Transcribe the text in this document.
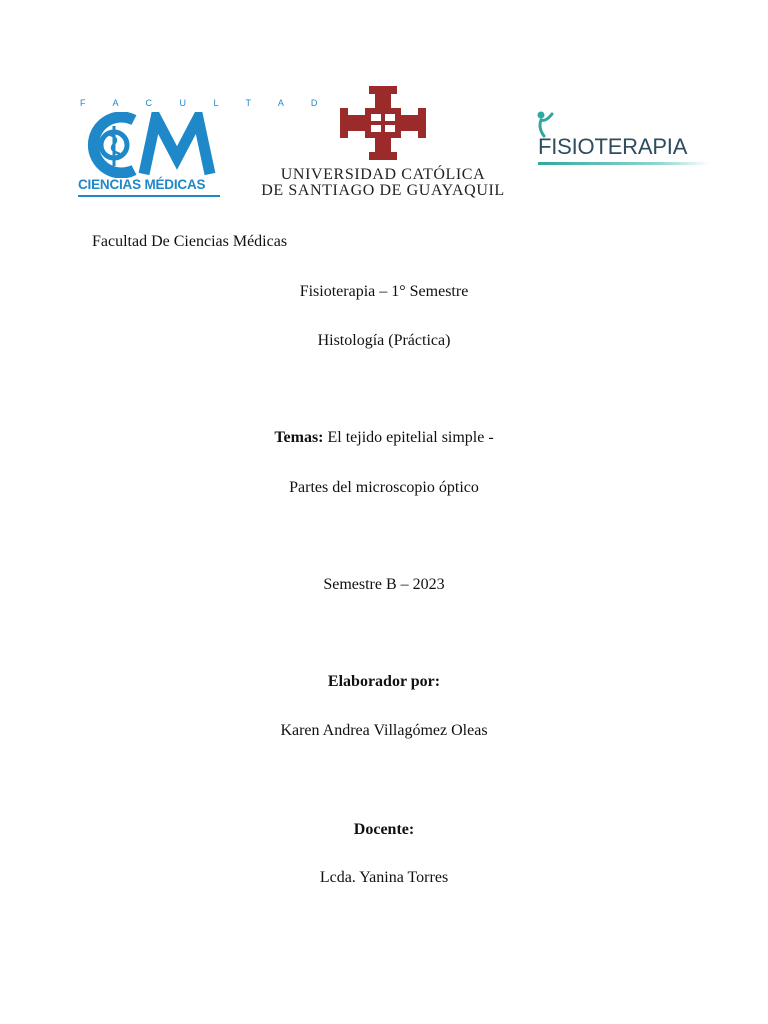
F A C U L T A D
CIENCIAS MÉDICAS
UNIVERSIDAD CATÓLICA
DE SANTIAGO DE GUAYAQUIL
FISIOTERAPIA
Facultad De Ciencias Médicas
Fisioterapia – 1° Semestre
Histología (Práctica)
Temas: El tejido epitelial simple -
Partes del microscopio óptico
Semestre B – 2023
Elaborador por:
Karen Andrea Villagómez Oleas
Docente:
Lcda. Yanina Torres
